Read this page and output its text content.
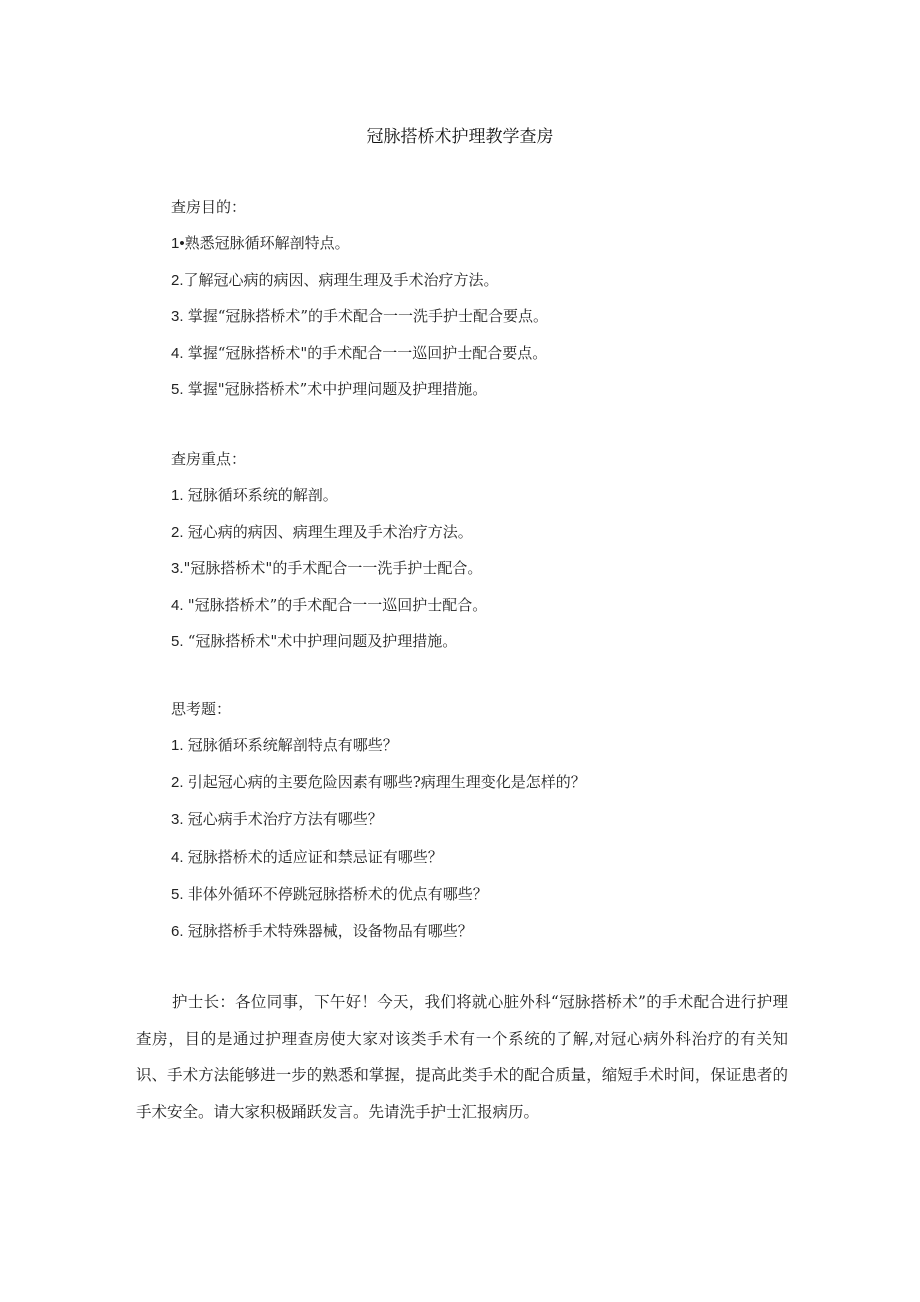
冠脉搭桥术护理教学查房
查房目的：
1•熟悉冠脉循环解剖特点。
2.了解冠心病的病因、病理生理及手术治疗方法。
3. 掌握“冠脉搭桥术”的手术配合一一洗手护士配合要点。
4. 掌握“冠脉搭桥术"的手术配合一一巡回护士配合要点。
5. 掌握"冠脉搭桥术”术中护理问题及护理措施。
查房重点：
1. 冠脉循环系统的解剖。
2. 冠心病的病因、病理生理及手术治疗方法。
3."冠脉搭桥术"的手术配合一一洗手护士配合。
4. "冠脉搭桥术”的手术配合一一巡回护士配合。
5. “冠脉搭桥术"术中护理问题及护理措施。
思考题：
1. 冠脉循环系统解剖特点有哪些？
2. 引起冠心病的主要危险因素有哪些?病理生理变化是怎样的？
3. 冠心病手术治疗方法有哪些？
4. 冠脉搭桥术的适应证和禁忌证有哪些？
5. 非体外循环不停跳冠脉搭桥术的优点有哪些？
6. 冠脉搭桥手术特殊器械，设备物品有哪些？
护士长：各位同事，下午好！今天，我们将就心脏外科“冠脉搭桥术”的手术配合进行护理查房，目的是通过护理查房使大家对该类手术有一个系统的了解,对冠心病外科治疗的有关知识、手术方法能够进一步的熟悉和掌握，提高此类手术的配合质量，缩短手术时间，保证患者的手术安全。请大家积极踊跃发言。先请洗手护士汇报病历。
